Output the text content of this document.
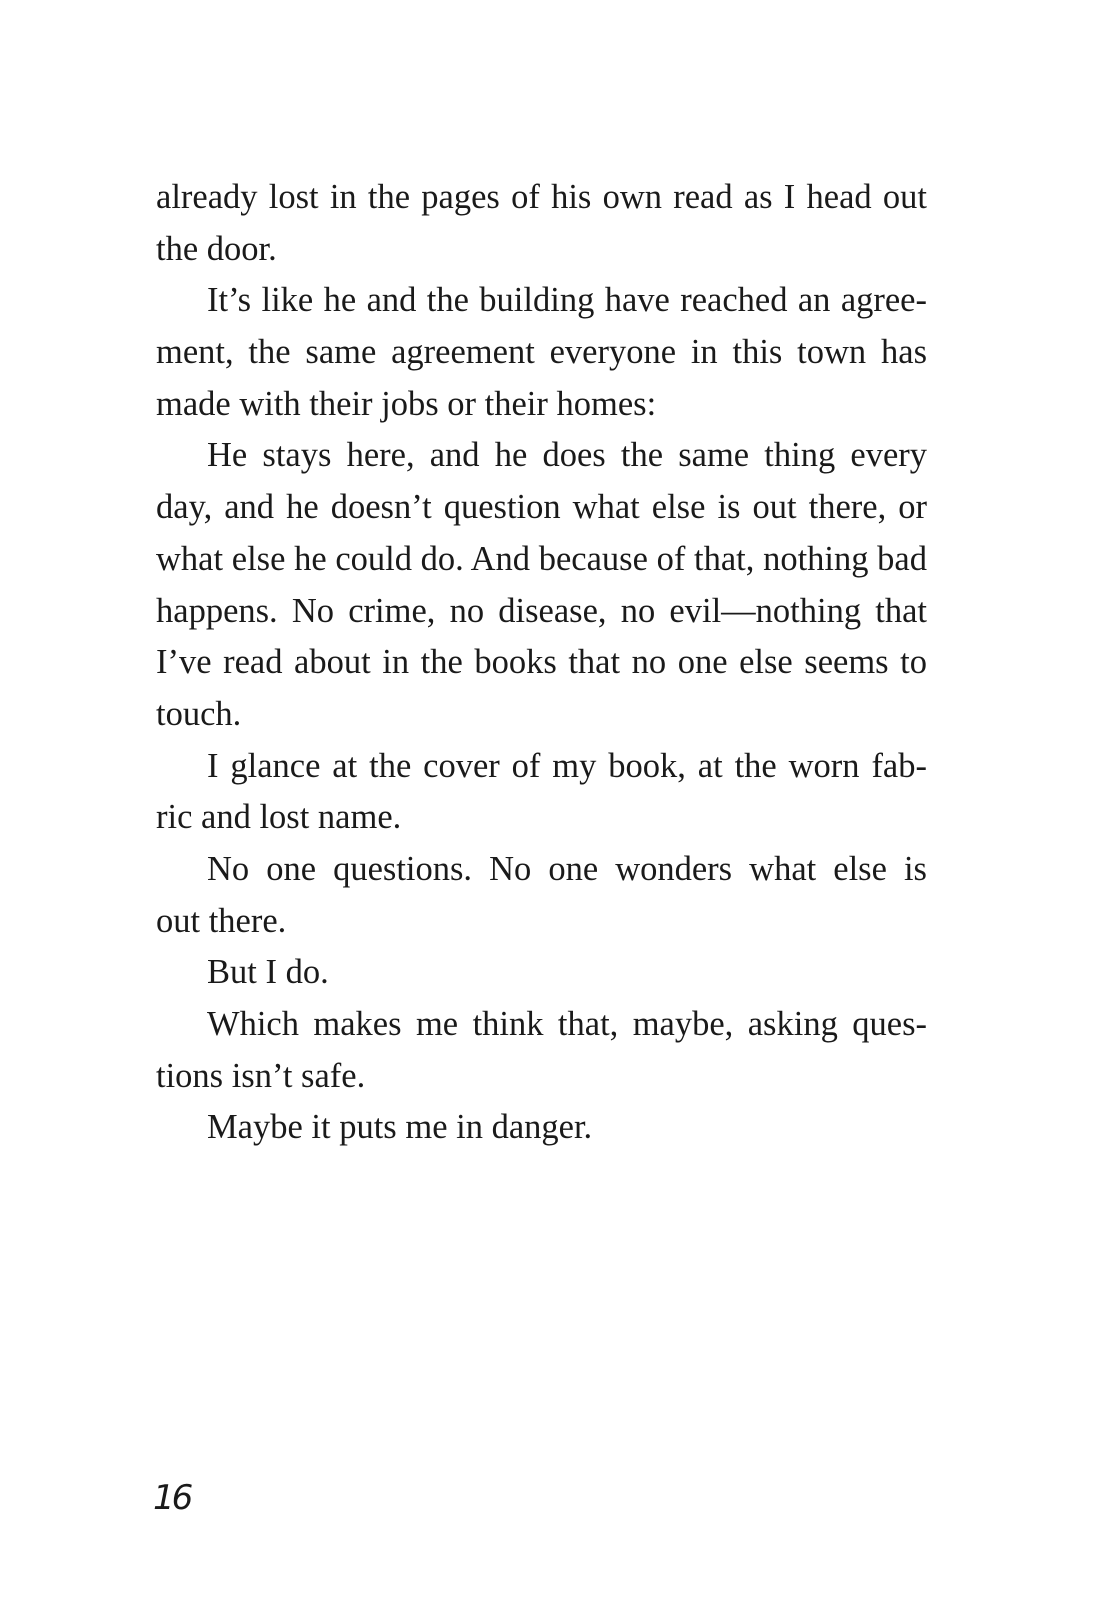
already lost in the pages of his own read as I head out
the door.
It’s like he and the building have reached an agree-
ment, the same agreement everyone in this town has
made with their jobs or their homes:
He stays here, and he does the same thing every
day, and he doesn’t question what else is out there, or
what else he could do. And because of that, nothing bad
happens. No crime, no disease, no evil—nothing that
I’ve read about in the books that no one else seems to
touch.
I glance at the cover of my book, at the worn fab-
ric and lost name.
No one questions. No one wonders what else is
out there.
But I do.
Which makes me think that, maybe, asking ques-
tions isn’t safe.
Maybe it puts me in danger.
16
